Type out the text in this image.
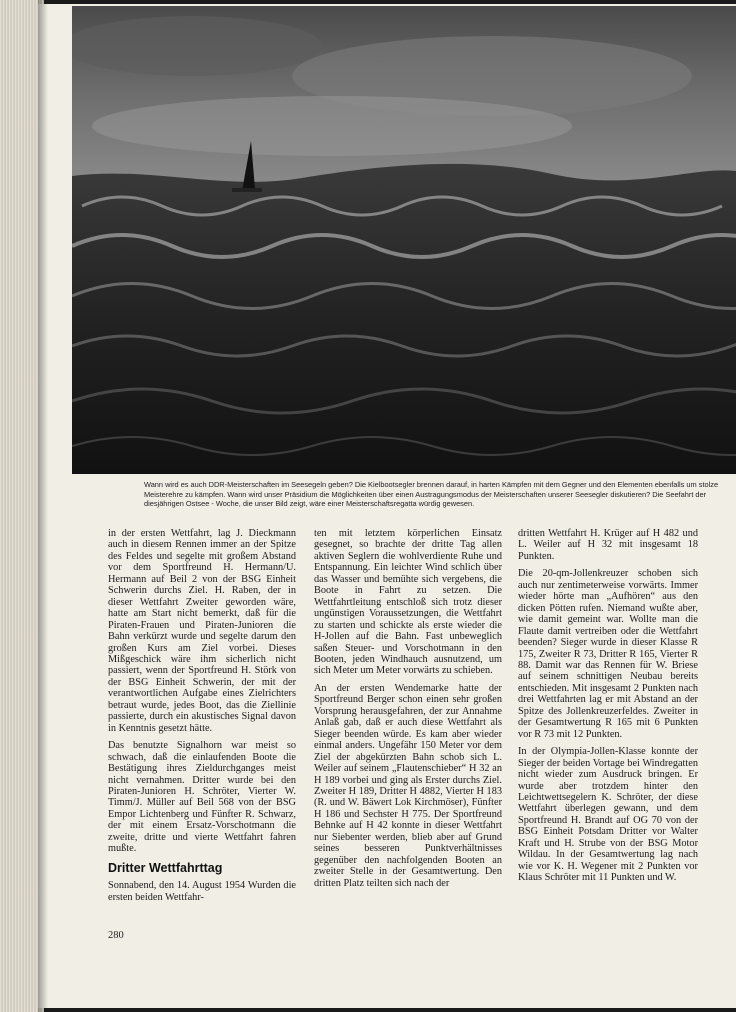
Wann wird es auch DDR-Meisterschaften im Seesegeln geben? Die Kielbootsegler brennen darauf, in harten Kämpfen mit dem Gegner und den Elementen ebenfalls um stolze Meisterehre zu kämpfen. Wann wird unser Präsidium die Möglichkeiten über einen Austragungsmodus der Meisterschaften unserer Seesegler diskutieren? Die Seefahrt der diesjährigen Ostsee - Woche, die unser Bild zeigt, wäre einer Meisterschaftsregatta würdig gewesen.

in der ersten Wettfahrt, lag J. Dieckmann auch in diesem Rennen immer an der Spitze des Feldes und segelte mit großem Abstand vor dem Sportfreund H. Hermann/U. Hermann auf Beil 2 von der BSG Einheit Schwerin durchs Ziel. H. Raben, der in dieser Wettfahrt Zweiter geworden wäre, hatte am Start nicht bemerkt, daß für die Piraten-Frauen und Piraten-Junioren die Bahn verkürzt wurde und segelte darum den großen Kurs am Ziel vorbei. Dieses Mißgeschick wäre ihm sicherlich nicht passiert, wenn der Sportfreund H. Störk von der BSG Einheit Schwerin, der mit der verantwortlichen Aufgabe eines Zielrichters betraut wurde, jedes Boot, das die Ziellinie passierte, durch ein akustisches Signal davon in Kenntnis gesetzt hätte.

Das benutzte Signalhorn war meist so schwach, daß die einlaufenden Boote die Bestätigung ihres Zieldurchganges meist nicht vernahmen. Dritter wurde bei den Piraten-Junioren H. Schröter, Vierter W. Timm/J. Müller auf Beil 568 von der BSG Empor Lichtenberg und Fünfter R. Schwarz, der mit einem Ersatz-Vorschotmann die zweite, dritte und vierte Wettfahrt fahren mußte.

Dritter Wettfahrttag

Sonnabend, den 14. August 1954 Wurden die ersten beiden Wettfahr-

ten mit letztem körperlichen Einsatz gesegnet, so brachte der dritte Tag allen aktiven Seglern die wohlverdiente Ruhe und Entspannung. Ein leichter Wind schlich über das Wasser und bemühte sich vergebens, die Boote in Fahrt zu setzen. Die Wettfahrtleitung entschloß sich trotz dieser ungünstigen Voraussetzungen, die Wettfahrt zu starten und schickte als erste wieder die H-Jollen auf die Bahn. Fast unbeweglich saßen Steuer- und Vorschotmann in den Booten, jeden Windhauch ausnutzend, um sich Meter um Meter vorwärts zu schieben.

An der ersten Wendemarke hatte der Sportfreund Berger schon einen sehr großen Vorsprung herausgefahren, der zur Annahme Anlaß gab, daß er auch diese Wettfahrt als Sieger beenden würde. Es kam aber wieder einmal anders. Ungefähr 150 Meter vor dem Ziel der abgekürzten Bahn schob sich L. Weiler auf seinem „Flautenschieber“ H 32 an H 189 vorbei und ging als Erster durchs Ziel. Zweiter H 189, Dritter H 4882, Vierter H 183 (R. und W. Bäwert Lok Kirchmöser), Fünfter H 186 und Sechster H 775. Der Sportfreund Behnke auf H 42 konnte in dieser Wettfahrt nur Siebenter werden, blieb aber auf Grund seines besseren Punktverhältnisses gegenüber den nachfolgenden Booten an zweiter Stelle in der Gesamtwertung. Den dritten Platz teilten sich nach der

dritten Wettfahrt H. Krüger auf H 482 und L. Weiler auf H 32 mit insgesamt 18 Punkten.

Die 20-qm-Jollenkreuzer schoben sich auch nur zentimeterweise vorwärts. Immer wieder hörte man „Aufhören“ aus den dicken Pötten rufen. Niemand wußte aber, wie damit gemeint war. Wollte man die Flaute damit vertreiben oder die Wettfahrt beenden? Sieger wurde in dieser Klasse R 175, Zweiter R 73, Dritter R 165, Vierter R 88. Damit war das Rennen für W. Briese auf seinem schnittigen Neubau bereits entschieden. Mit insgesamt 2 Punkten nach drei Wettfahrten lag er mit Abstand an der Spitze des Jollenkreuzerfeldes. Zweiter in der Gesamtwertung R 165 mit 6 Punkten vor R 73 mit 12 Punkten.

In der Olympia-Jollen-Klasse konnte der Sieger der beiden Vortage bei Windregatten nicht wieder zum Ausdruck bringen. Er wurde aber trotzdem hinter den Leichtwettsegelern K. Schröter, der diese Wettfahrt überlegen gewann, und dem Sportfreund H. Brandt auf OG 70 von der BSG Einheit Potsdam Dritter vor Walter Kraft und H. Strube von der BSG Motor Wildau. In der Gesamtwertung lag nach wie vor K. H. Wegener mit 2 Punkten vor Klaus Schröter mit 11 Punkten und W.

280
